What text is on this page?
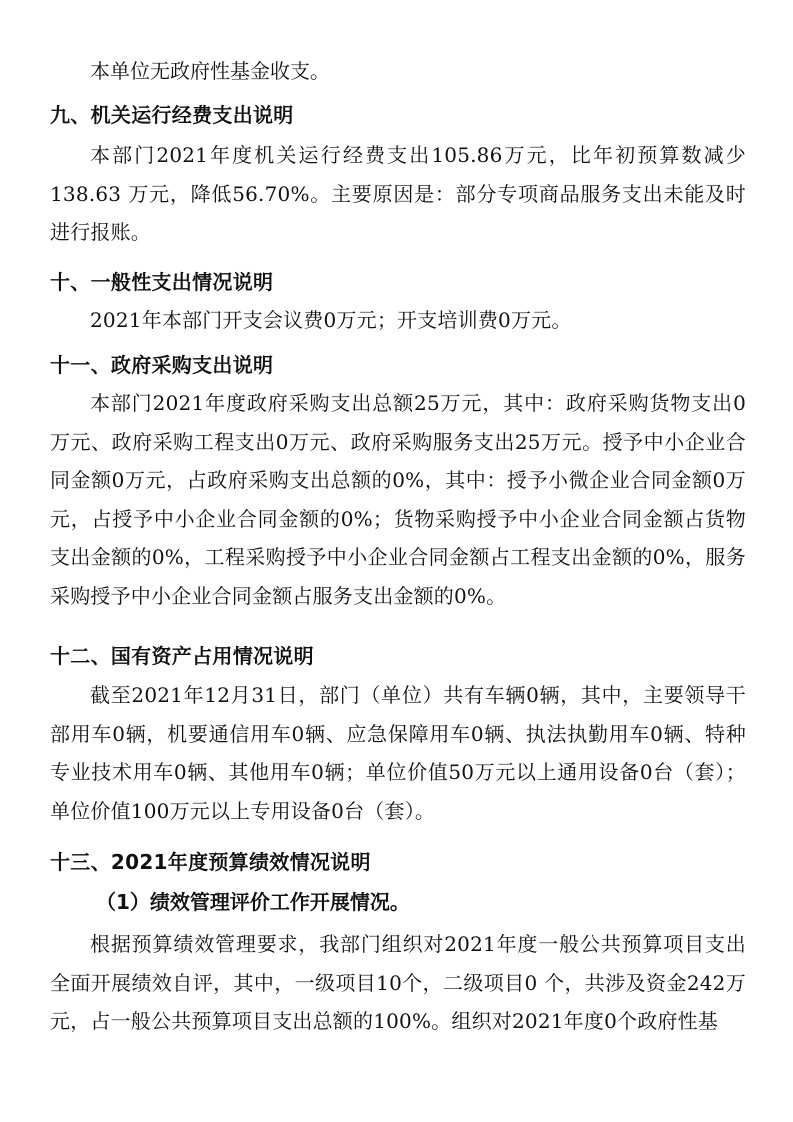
本单位无政府性基金收支。

九、机关运行经费支出说明

本部门2021年度机关运行经费支出105.86万元，比年初预算数减少138.63 万元，降低56.70%。主要原因是：部分专项商品服务支出未能及时进行报账。

十、一般性支出情况说明

2021年本部门开支会议费0万元；开支培训费0万元。

十一、政府采购支出说明

本部门2021年度政府采购支出总额25万元，其中：政府采购货物支出0万元、政府采购工程支出0万元、政府采购服务支出25万元。授予中小企业合同金额0万元，占政府采购支出总额的0%，其中：授予小微企业合同金额0万元，占授予中小企业合同金额的0%；货物采购授予中小企业合同金额占货物支出金额的0%，工程采购授予中小企业合同金额占工程支出金额的0%，服务采购授予中小企业合同金额占服务支出金额的0%。

十二、国有资产占用情况说明

截至2021年12月31日，部门（单位）共有车辆0辆，其中，主要领导干部用车0辆，机要通信用车0辆、应急保障用车0辆、执法执勤用车0辆、特种专业技术用车0辆、其他用车0辆；单位价值50万元以上通用设备0台（套）；单位价值100万元以上专用设备0台（套）。

十三、2021年度预算绩效情况说明
（1）绩效管理评价工作开展情况。

根据预算绩效管理要求，我部门组织对2021年度一般公共预算项目支出全面开展绩效自评，其中，一级项目10个，二级项目0 个，共涉及资金242万元，占一般公共预算项目支出总额的100%。组织对2021年度0个政府性基
